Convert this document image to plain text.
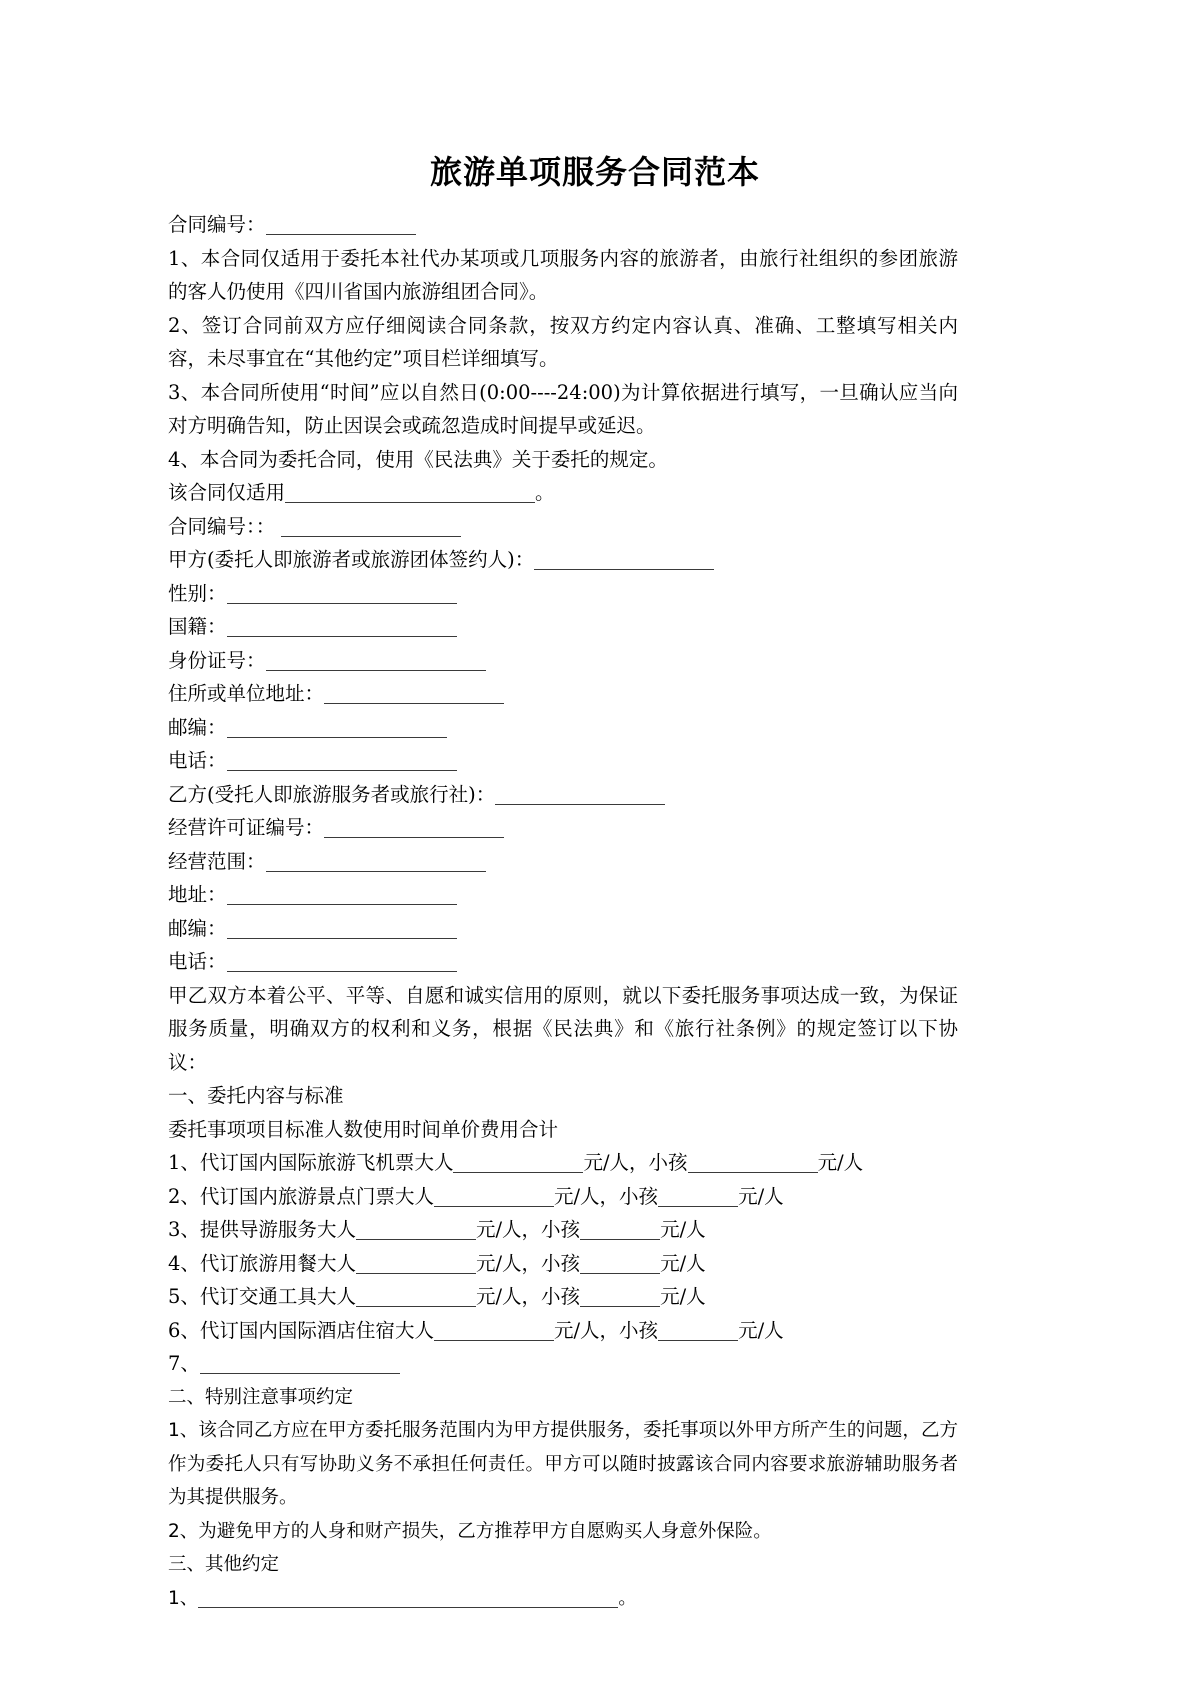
旅游单项服务合同范本

合同编号：

1、本合同仅适用于委托本社代办某项或几项服务内容的旅游者，由旅行社组织的参团旅游的客人仍使用《四川省国内旅游组团合同》。

2、签订合同前双方应仔细阅读合同条款，按双方约定内容认真、准确、工整填写相关内容，未尽事宜在“其他约定”项目栏详细填写。

3、本合同所使用“时间”应以自然日(0:00----24:00)为计算依据进行填写，一旦确认应当向对方明确告知，防止因误会或疏忽造成时间提早或延迟。

4、本合同为委托合同，使用《民法典》关于委托的规定。

该合同仅适用	。

合同编号：：

甲方(委托人即旅游者或旅游团体签约人)：

性别：

国籍：

身份证号：

住所或单位地址：

邮编：

电话：

乙方(受托人即旅游服务者或旅行社)：

经营许可证编号：

经营范围：

地址：

邮编：

电话：

甲乙双方本着公平、平等、自愿和诚实信用的原则，就以下委托服务事项达成一致，为保证服务质量，明确双方的权利和义务，根据《民法典》和《旅行社条例》的规定签订以下协议：

一、委托内容与标准

委托事项项目标准人数使用时间单价费用合计

1、代订国内国际旅游飞机票大人	元/人，小孩	元/人

2、代订国内旅游景点门票大人	元/人，小孩	元/人

3、提供导游服务大人	元/人，小孩	元/人

4、代订旅游用餐大人	元/人，小孩	元/人

5、代订交通工具大人	元/人，小孩	元/人

6、代订国内国际酒店住宿大人	元/人，小孩	元/人

7、

二、特别注意事项约定

1、该合同乙方应在甲方委托服务范围内为甲方提供服务，委托事项以外甲方所产生的问题，乙方作为委托人只有写协助义务不承担任何责任。甲方可以随时披露该合同内容要求旅游辅助服务者为其提供服务。

2、为避免甲方的人身和财产损失，乙方推荐甲方自愿购买人身意外保险。

三、其他约定

1、	。
